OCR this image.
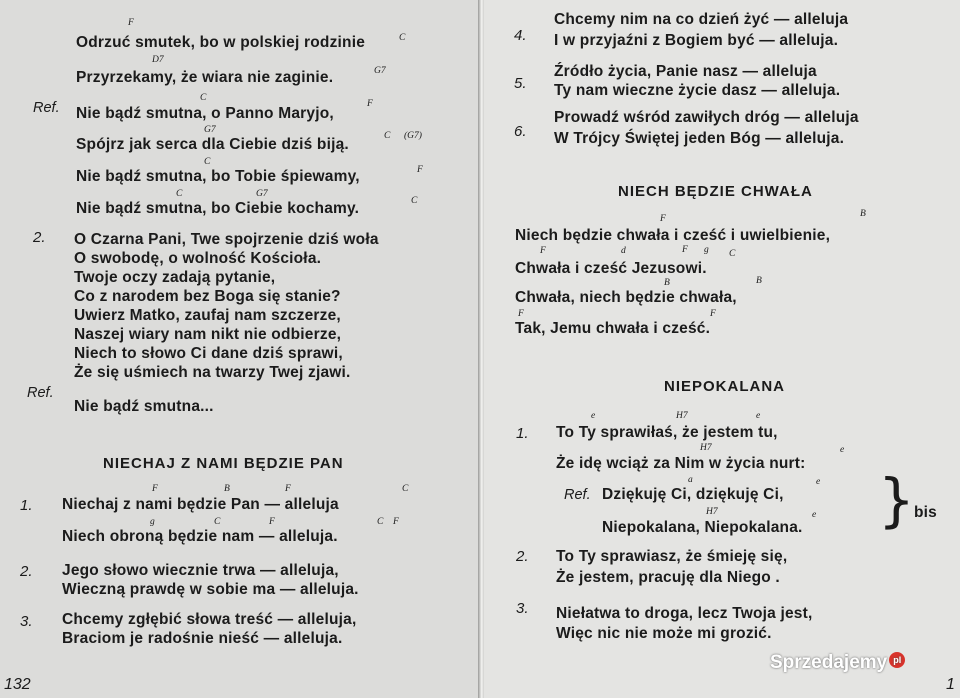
F
C
Odrzuć smutek, bo w polskiej rodzinie
D7
G7
Przyrzekamy, że wiara nie zaginie.
Ref.
C
F
Nie bądź smutna, o Panno Maryjo,
G7
C (G7)
Spójrz jak serca dla Ciebie dziś biją.
C
F
Nie bądź smutna, bo Tobie śpiewamy,
C	G7
C
Nie bądź smutna, bo Ciebie kochamy.
2. O Czarna Pani, Twe spojrzenie dziś woła
O swobodę, o wolność Kościoła.
Twoje oczy zadają pytanie,
Co z narodem bez Boga się stanie?
Uwierz Matko, zaufaj nam szczerze,
Naszej wiary nam nikt nie odbierze,
Niech to słowo Ci dane dziś sprawi,
Że się uśmiech na twarzy Twej zjawi.
Ref.
Nie bądź smutna...
NIECHAJ Z NAMI BĘDZIE PAN
1.
F	B	F	C
Niechaj z nami będzie Pan — alleluja
g	C	F	C F
Niech obroną będzie nam — alleluja.
2. Jego słowo wiecznie trwa — alleluja,
Wieczną prawdę w sobie ma — alleluja.
3. Chcemy zgłębić słowa treść — alleluja,
Braciom je radośnie nieść — alleluja.
132
4.
Chcemy nim na co dzień żyć — alleluja
I w przyjaźni z Bogiem być — alleluja.
5.
Źródło życia, Panie nasz — alleluja
Ty nam wieczne życie dasz — alleluja.
6.
Prowadź wśród zawiłych dróg — alleluja
W Trójcy Świętej jeden Bóg — alleluja.
NIECH BĘDZIE CHWAŁA
F	B
Niech będzie chwała i cześć i uwielbienie,
F	d	F g C
Chwała i cześć Jezusowi.
B	B
Chwała, niech będzie chwała,
F	F
Tak, Jemu chwała i cześć.
NIEPOKALANA
1.
e	H7	e
To Ty sprawiłaś, że jestem tu,
H7	e
Że idę wciąż za Nim w życia nurt:
Ref.
a	e
Dziękuję Ci, dziękuję Ci,
H7	e
Niepokalana, Niepokalana. } bis
2. To Ty sprawiasz, że śmieję się,
Że jestem, pracuję dla Niego .
3. Niełatwa to droga, lecz Twoja jest,
Więc nic nie może mi grozić.
1
Sprzedajemy pl
